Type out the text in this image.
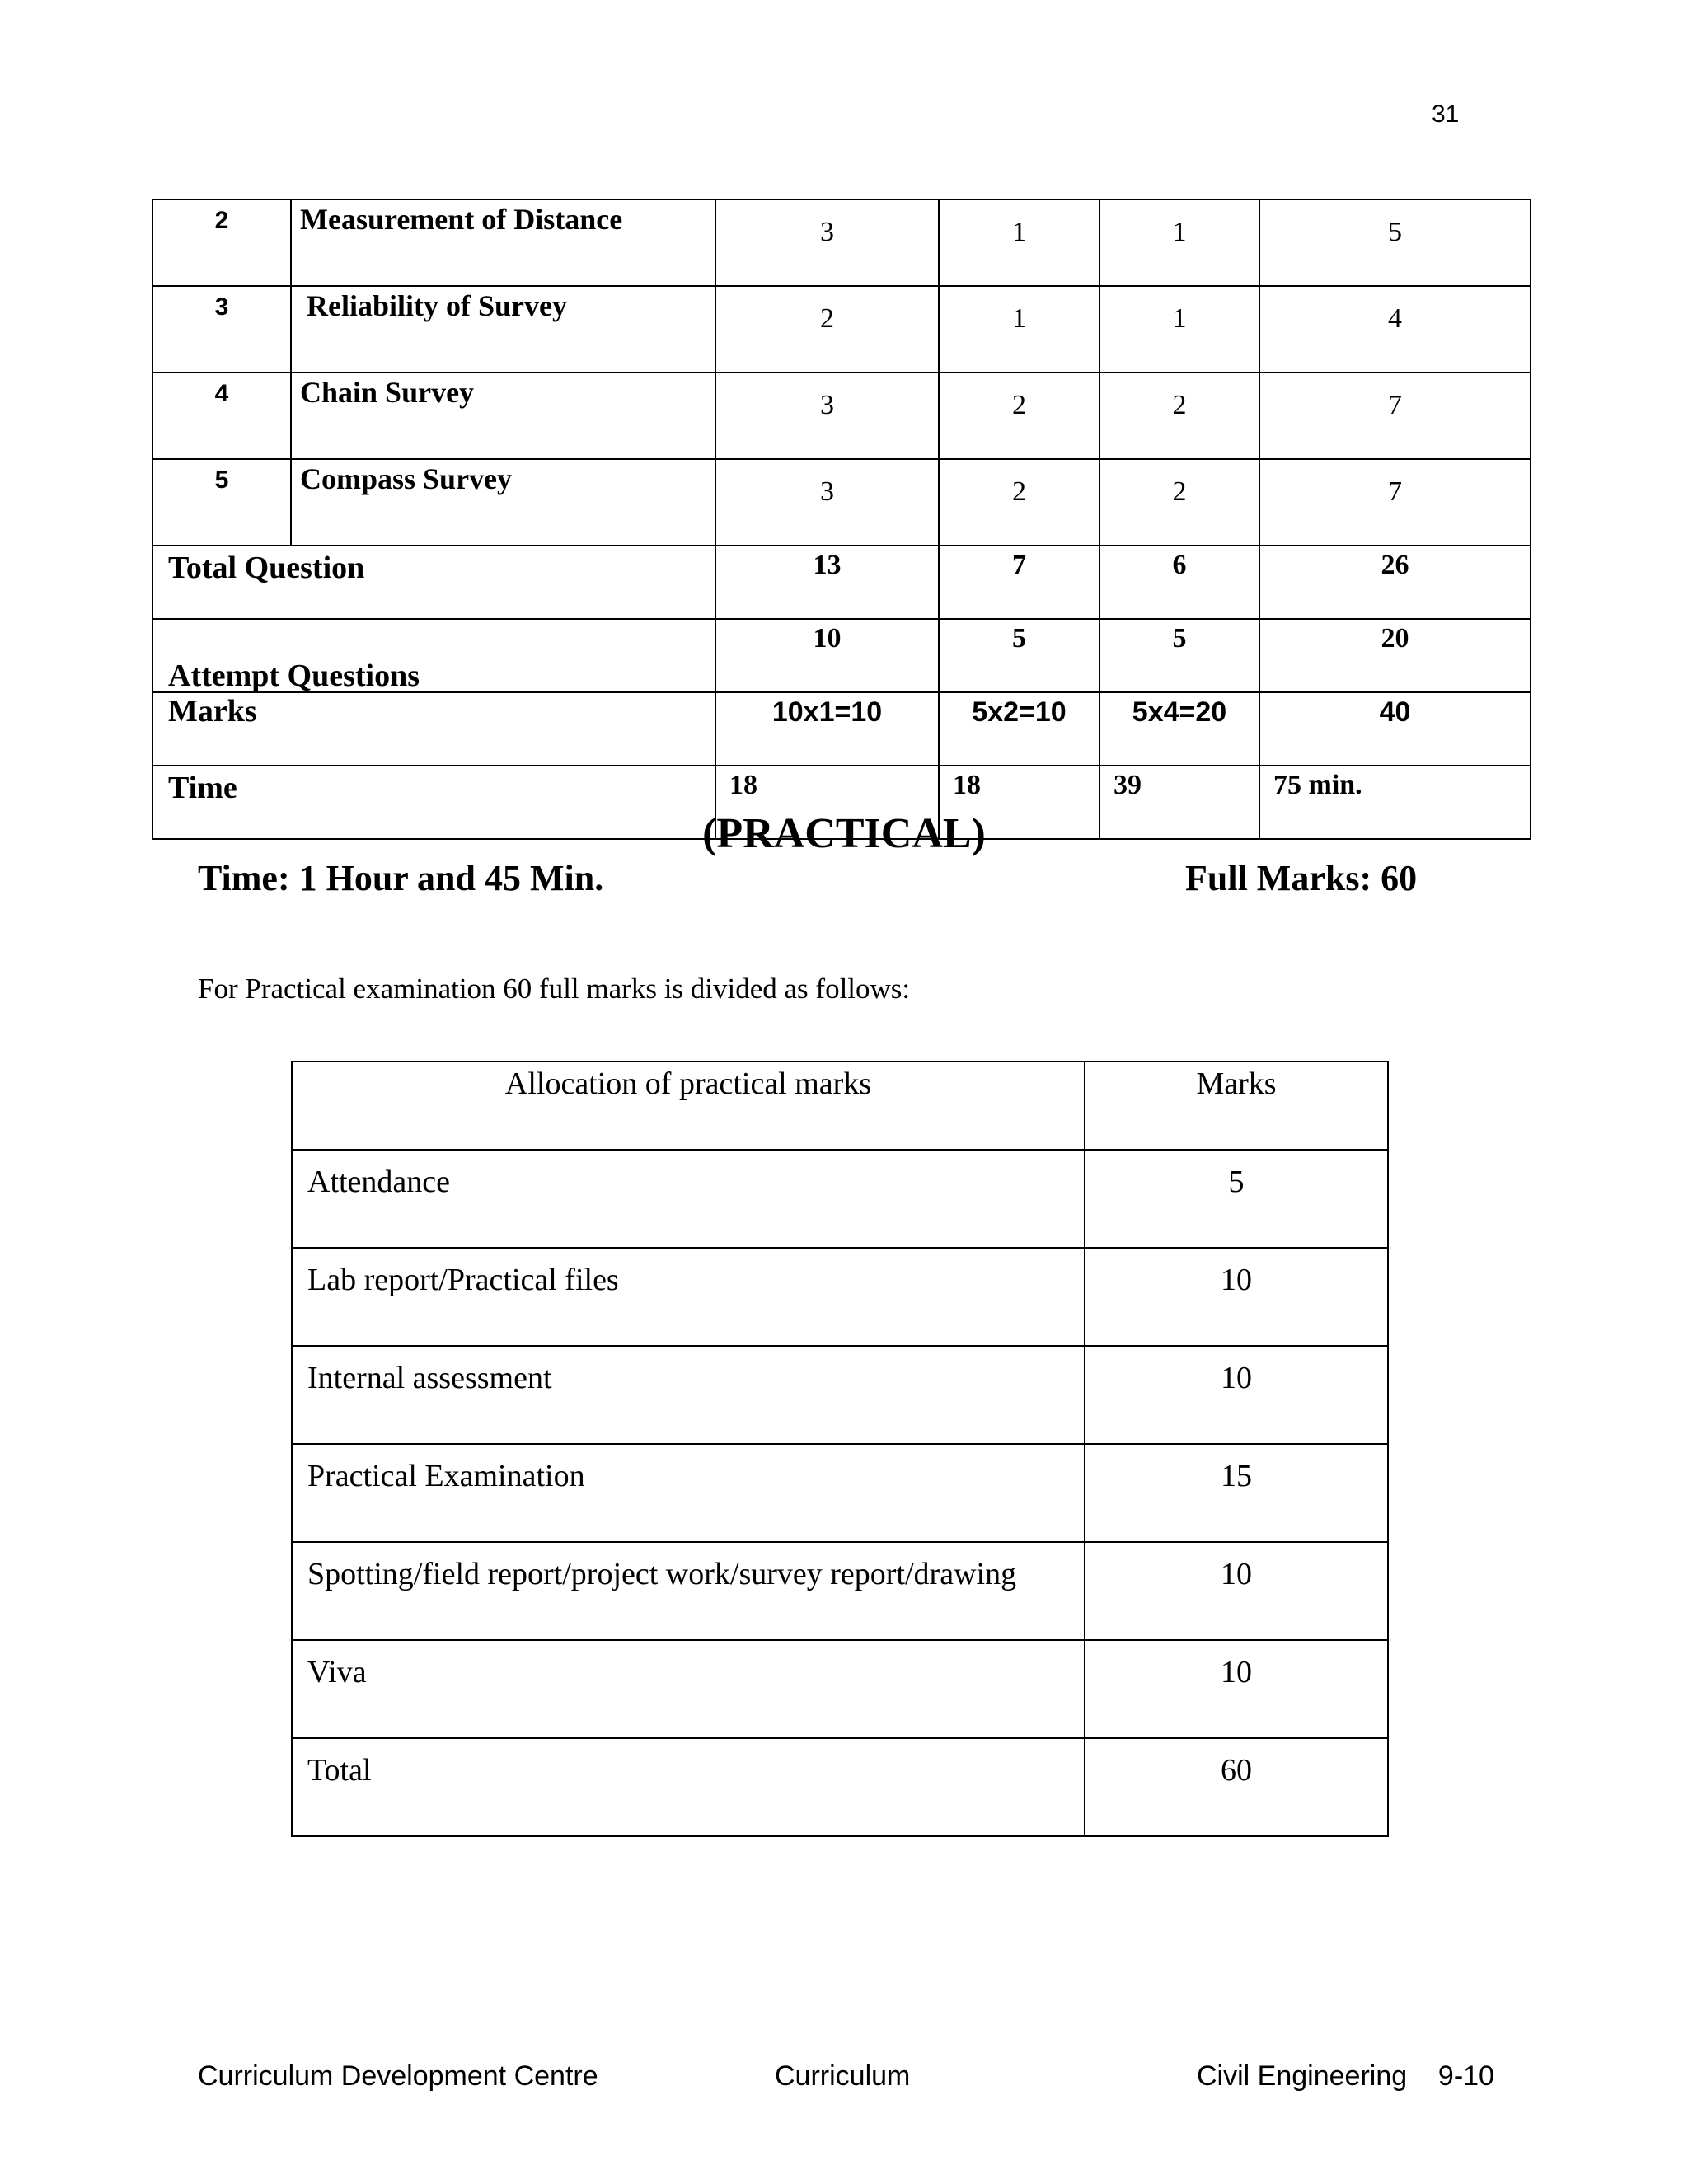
31
2	Measurement of Distance	3	1	1	5
3	Reliability of Survey	2	1	1	4
4	Chain Survey	3	2	2	7
5	Compass Survey	3	2	2	7
Total Question		13	7	6	26
Attempt Questions		10	5	5	20
Marks		10x1=10	5x2=10	5x4=20	40
Time		18	18	39	75 min.
(PRACTICAL)
Time: 1 Hour and 45 Min.	Full Marks: 60
For Practical examination 60 full marks is divided as follows:
Allocation of practical marks	Marks
Attendance	5
Lab report/Practical files	10
Internal assessment	10
Practical Examination	15
Spotting/field report/project work/survey report/drawing	10
Viva	10
Total	60
Curriculum Development Centre	Curriculum	Civil Engineering    9-10
